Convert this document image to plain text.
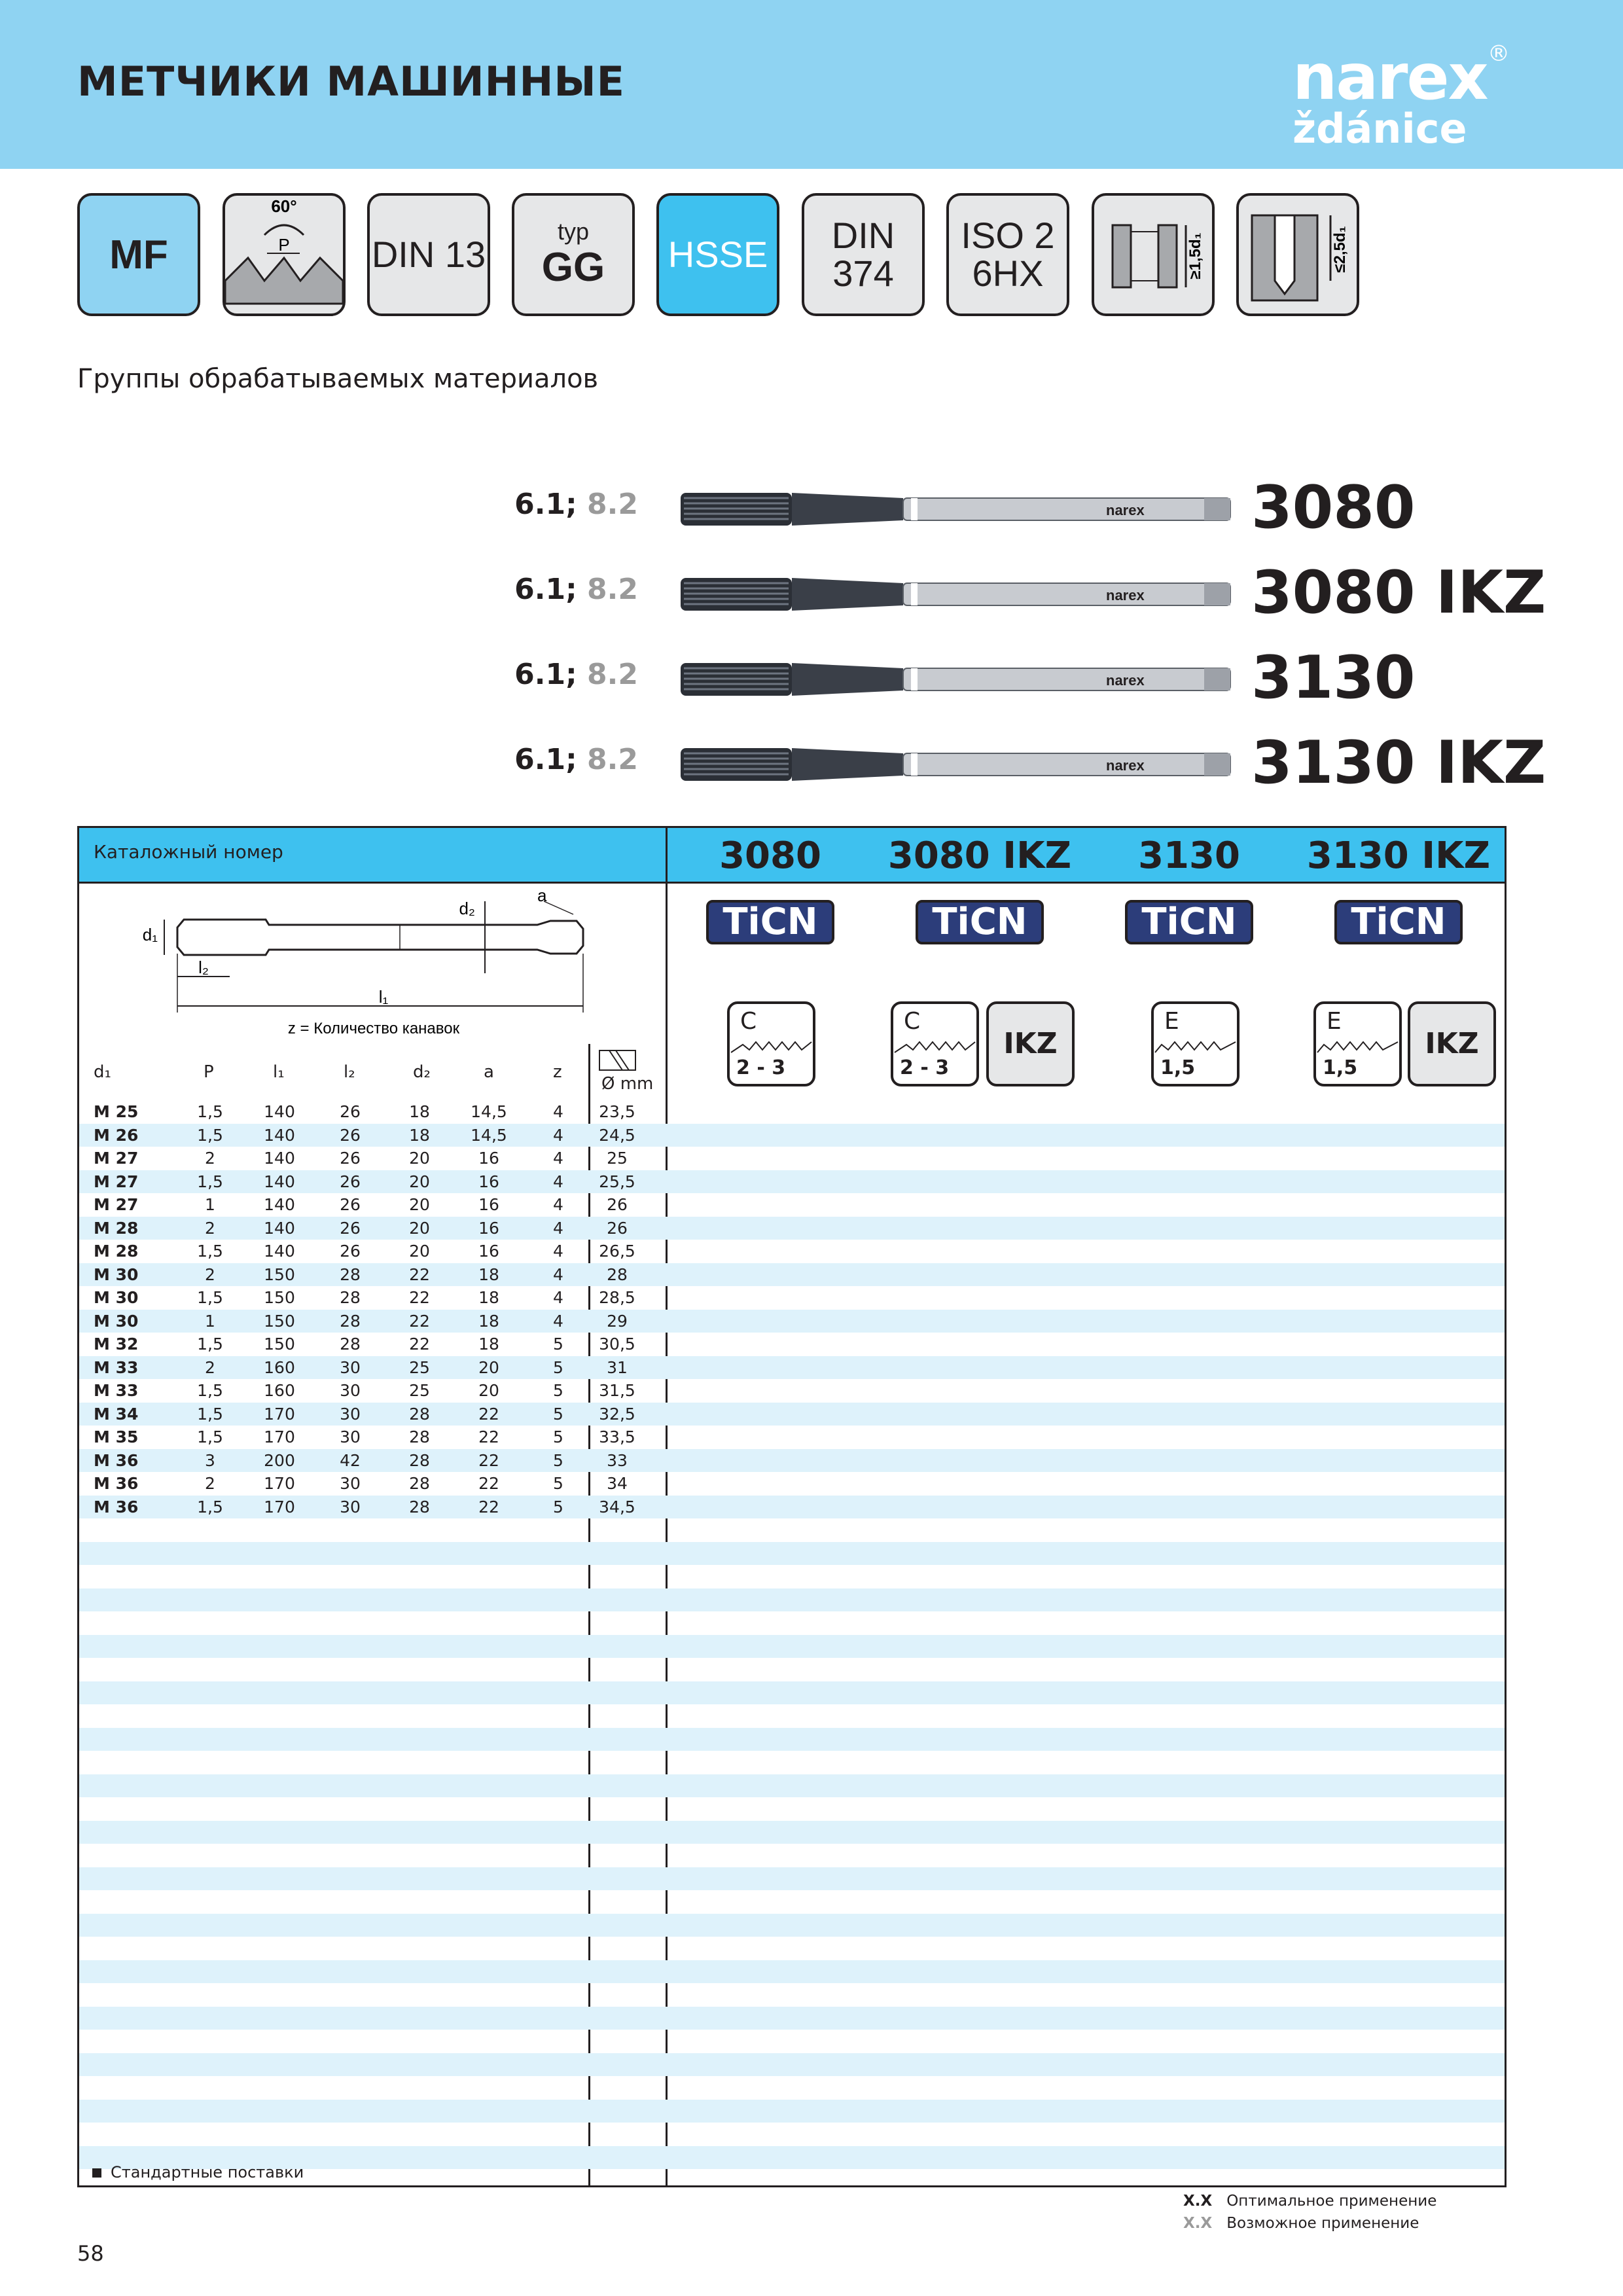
МЕТЧИКИ МАШИННЫЕ	narex
ždánice
®
MF
60°
P DIN 13
typ
GG HSSE DIN
374
ISO 2
6HX	≥1,5d₁	≤2,5d₁
Группы обрабатываемых материалов
6.1; 8.2	narex 3080
6.1; 8.2	narex 3080 IKZ
6.1; 8.2	narex 3130
6.1; 8.2	narex 3130 IKZ
Каталожный номер	3080	3080 IKZ	3130	3130 IKZ
d₁
d₂
a
l₂
l₁
z = Количество канавок
TiCN	TiCN	TiCN	TiCN
C
2 - 3
C
2 - 3
IKZ
E
1,5
E
1,5
IKZ
d₁	P	l₁	l₂	d₂	a	z
Ø mm
M 25	1,5	140	26	18	14,5	4	23,5
M 26	1,5	140	26	18	14,5	4	24,5
M 27	2	140	26	20	16	4	25
M 27	1,5	140	26	20	16	4	25,5
M 27	1	140	26	20	16	4	26
M 28	2	140	26	20	16	4	26
M 28	1,5	140	26	20	16	4	26,5
M 30	2	150	28	22	18	4	28
M 30	1,5	150	28	22	18	4	28,5
M 30	1	150	28	22	18	4	29
M 32	1,5	150	28	22	18	5	30,5
M 33	2	160	30	25	20	5	31
M 33	1,5	160	30	25	20	5	31,5
M 34	1,5	170	30	28	22	5	32,5
M 35	1,5	170	30	28	22	5	33,5
M 36	3	200	42	28	22	5	33
M 36	2	170	30	28	22	5	34
M 36	1,5	170	30	28	22	5	34,5
Стандартные поставки
X.X Оптимальное применение
X.X Возможное применение
58
